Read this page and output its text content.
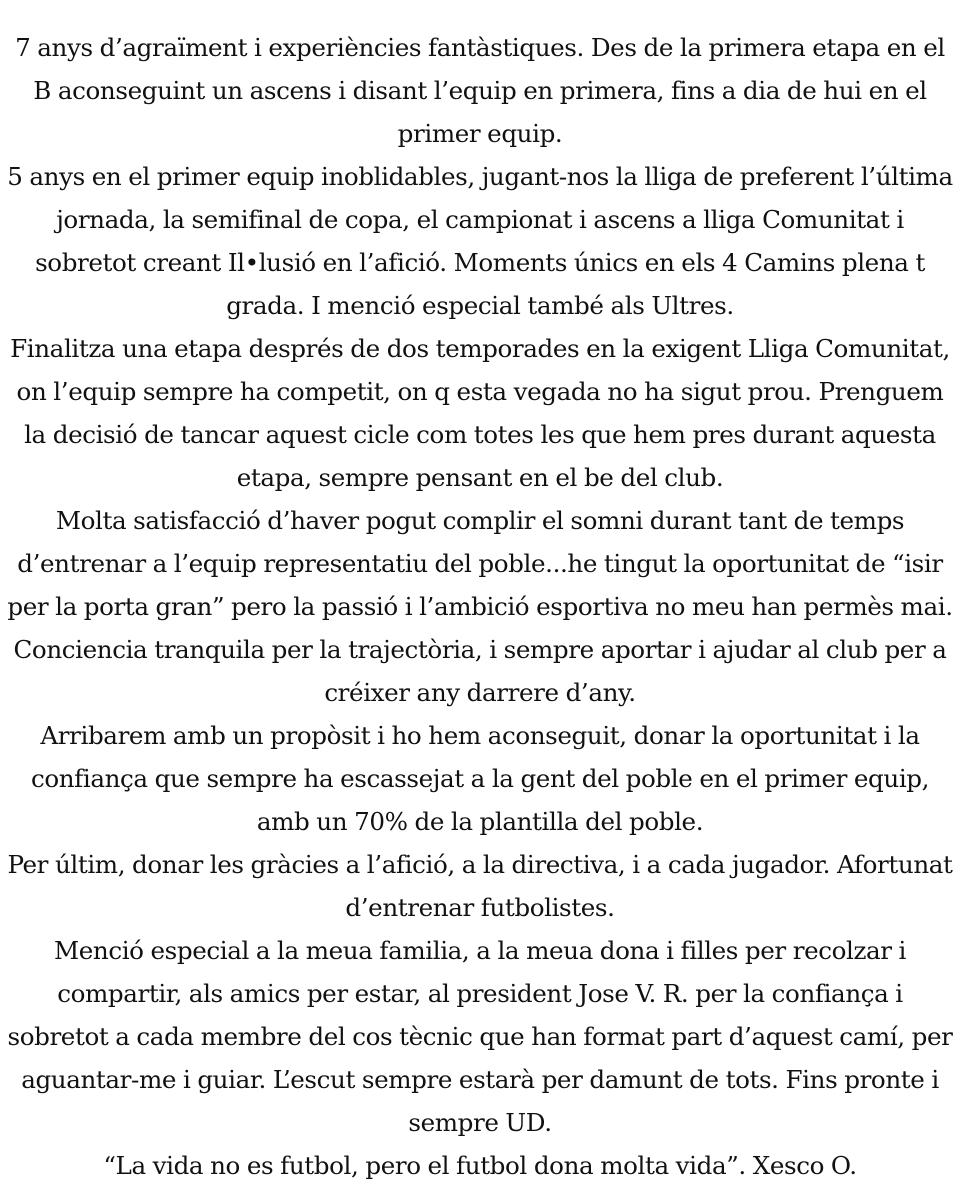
7 anys d’agraïment i experiències fantàstiques. Des de la primera etapa en el B aconseguint un ascens i disant l’equip en primera, fins a dia de hui en el primer equip.

5 anys en el primer equip inoblidables, jugant-nos la lliga de preferent l’última jornada, la semifinal de copa, el campionat i ascens a lliga Comunitat i sobretot creant Il•lusió en l’afició. Moments únics en els 4 Camins plena t grada. I menció especial també als Ultres.

Finalitza una etapa després de dos temporades en la exigent Lliga Comunitat, on l’equip sempre ha competit, on q esta vegada no ha sigut prou. Prenguem la decisió de tancar aquest cicle com totes les que hem pres durant aquesta etapa, sempre pensant en el be del club.

Molta satisfacció d’haver pogut complir el somni durant tant de temps d’entrenar a l’equip representatiu del poble...he tingut la oportunitat de “isir per la porta gran” pero la passió i l’ambició esportiva no meu han permès mai. Conciencia tranquila per la trajectòria, i sempre aportar i ajudar al club per a créixer any darrere d’any.

Arribarem amb un propòsit i ho hem aconseguit, donar la oportunitat i la confiança que sempre ha escassejat a la gent del poble en el primer equip, amb un 70% de la plantilla del poble.

Per últim, donar les gràcies a l’afició, a la directiva, i a cada jugador. Afortunat d’entrenar futbolistes.

Menció especial a la meua familia, a la meua dona i filles per recolzar i compartir, als amics per estar, al president Jose V. R. per la confiança i sobretot a cada membre del cos tècnic que han format part d’aquest camí, per aguantar-me i guiar. L’escut sempre estarà per damunt de tots. Fins pronte i sempre UD.

“La vida no es futbol, pero el futbol dona molta vida”. Xesco O.
